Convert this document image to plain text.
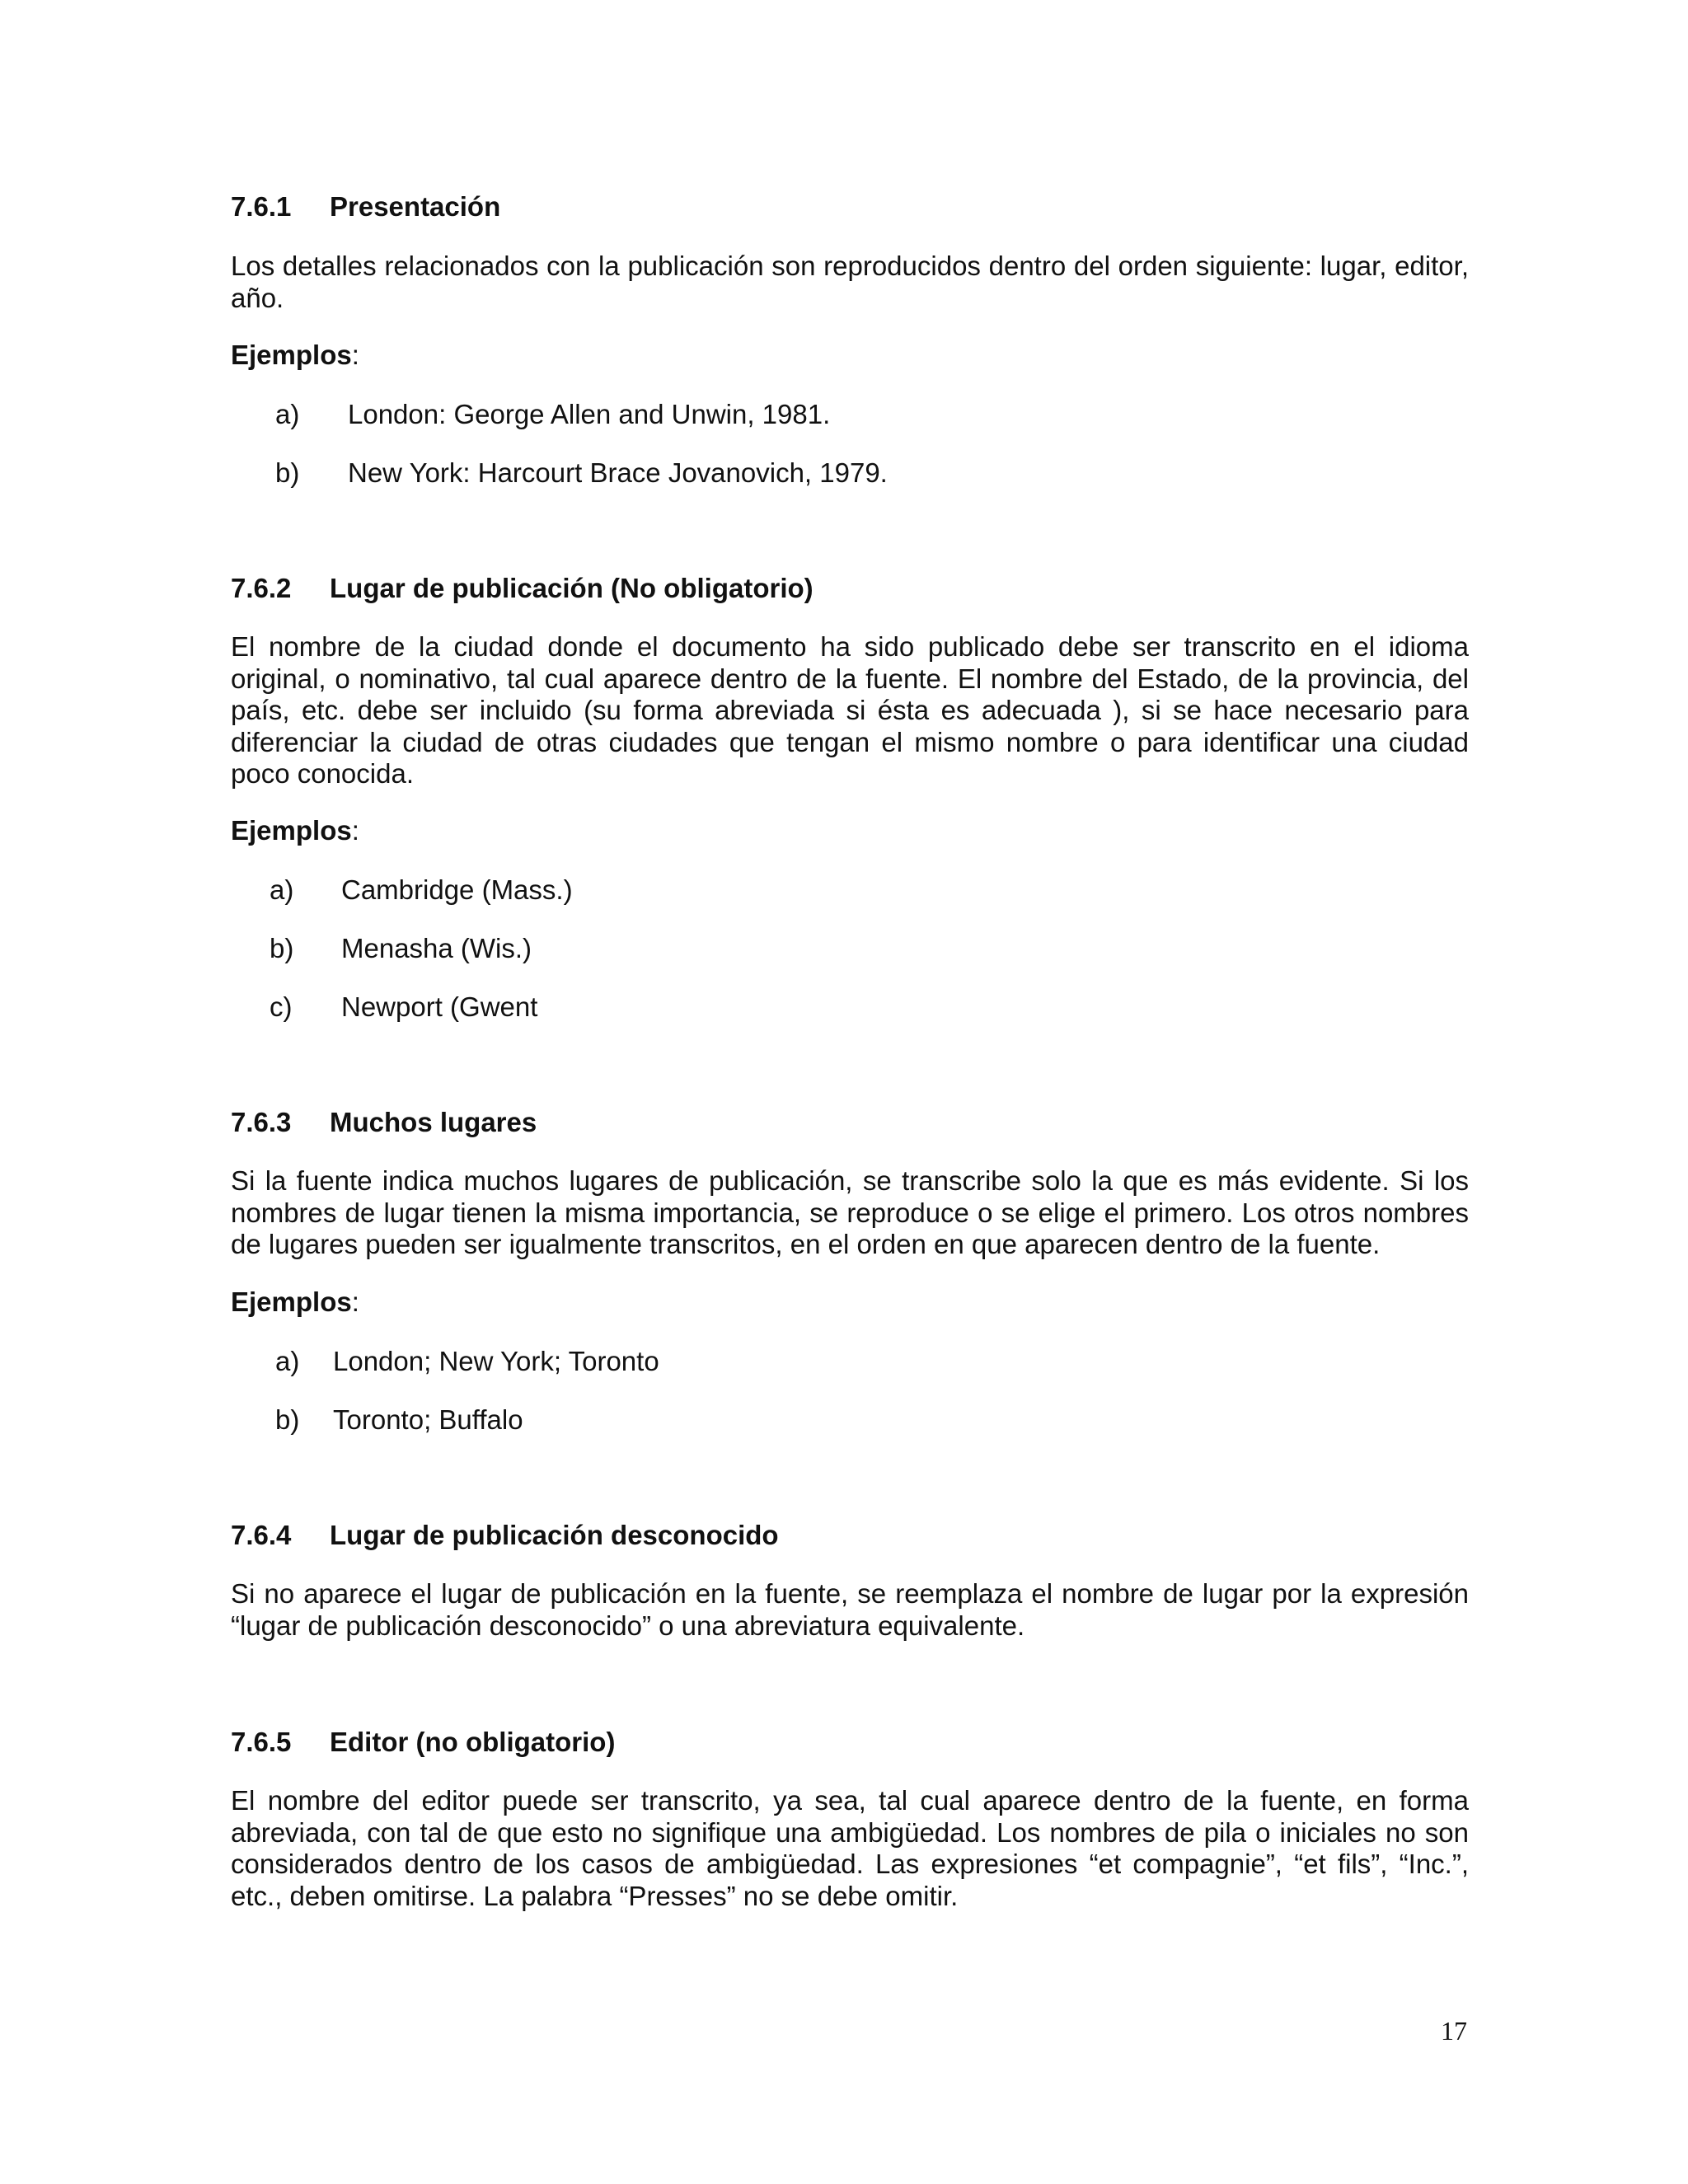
7.6.1 Presentación

Los detalles relacionados con la publicación son reproducidos dentro del orden siguiente: lugar, editor, año.

Ejemplos:
a) London: George Allen and Unwin, 1981.
b) New York: Harcourt Brace Jovanovich, 1979.
7.6.2 Lugar de publicación (No obligatorio)

El nombre de la ciudad donde el documento ha sido publicado debe ser transcrito en el idioma original, o nominativo, tal cual aparece dentro de la fuente. El nombre del Estado, de la provincia, del país, etc. debe ser incluido (su forma abreviada si ésta es adecuada ), si se hace necesario para diferenciar la ciudad de otras ciudades que tengan el mismo nombre o para identificar una ciudad poco conocida.

Ejemplos:
a) Cambridge (Mass.)
b) Menasha (Wis.)
c) Newport (Gwent
7.6.3 Muchos lugares

Si la fuente indica muchos lugares de publicación, se transcribe solo la que es más evidente. Si los nombres de lugar tienen la misma importancia, se reproduce o se elige el primero. Los otros nombres de lugares pueden ser igualmente transcritos, en el orden en que aparecen dentro de la fuente.

Ejemplos:
a) London; New York; Toronto
b) Toronto; Buffalo
7.6.4 Lugar de publicación desconocido

Si no aparece el lugar de publicación en la fuente, se reemplaza el nombre de lugar por la expresión “lugar de publicación desconocido” o una abreviatura equivalente.

7.6.5 Editor (no obligatorio)

El nombre del editor puede ser transcrito, ya sea, tal cual aparece dentro de la fuente, en forma abreviada, con tal de que esto no signifique una ambigüedad. Los nombres de pila o iniciales no son considerados dentro de los casos de ambigüedad. Las expresiones “et compagnie”, “et fils”, “Inc.”, etc., deben omitirse. La palabra “Presses” no se debe omitir.

17
